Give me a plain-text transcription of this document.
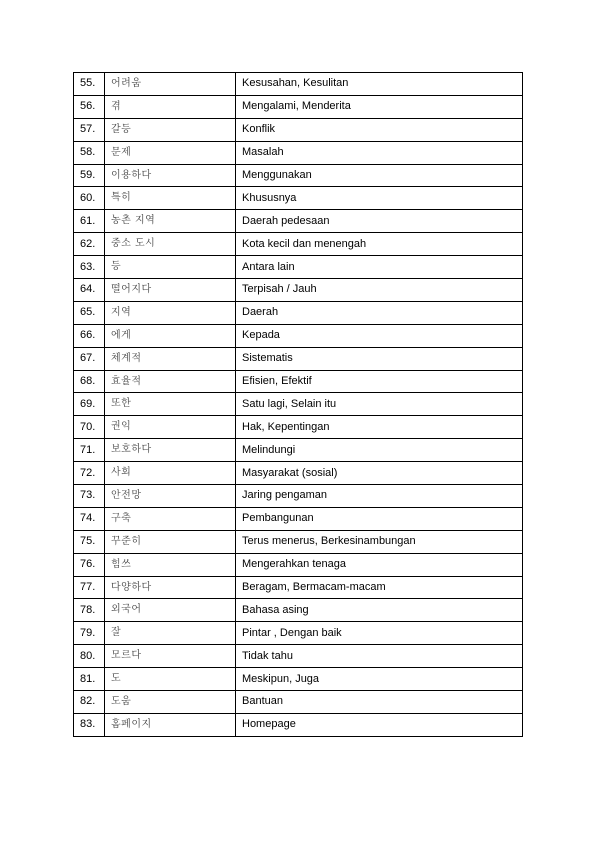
55.	어려움	Kesusahan, Kesulitan
56.	겪	Mengalami, Menderita
57.	갈등	Konflik
58.	문제	Masalah
59.	이용하다	Menggunakan
60.	특히	Khususnya
61.	농촌 지역	Daerah pedesaan
62.	중소 도시	Kota kecil dan menengah
63.	등	Antara lain
64.	떨어지다	Terpisah / Jauh
65.	지역	Daerah
66.	에게	Kepada
67.	체계적	Sistematis
68.	효율적	Efisien, Efektif
69.	또한	Satu lagi, Selain itu
70.	권익	Hak, Kepentingan
71.	보호하다	Melindungi
72.	사회	Masyarakat (sosial)
73.	안전망	Jaring pengaman
74.	구축	Pembangunan
75.	꾸준히	Terus menerus, Berkesinambungan
76.	힘쓰	Mengerahkan tenaga
77.	다양하다	Beragam, Bermacam-macam
78.	외국어	Bahasa asing
79.	잘	Pintar , Dengan baik
80.	모르다	Tidak tahu
81.	도	Meskipun, Juga
82.	도움	Bantuan
83.	홈페이지	Homepage
